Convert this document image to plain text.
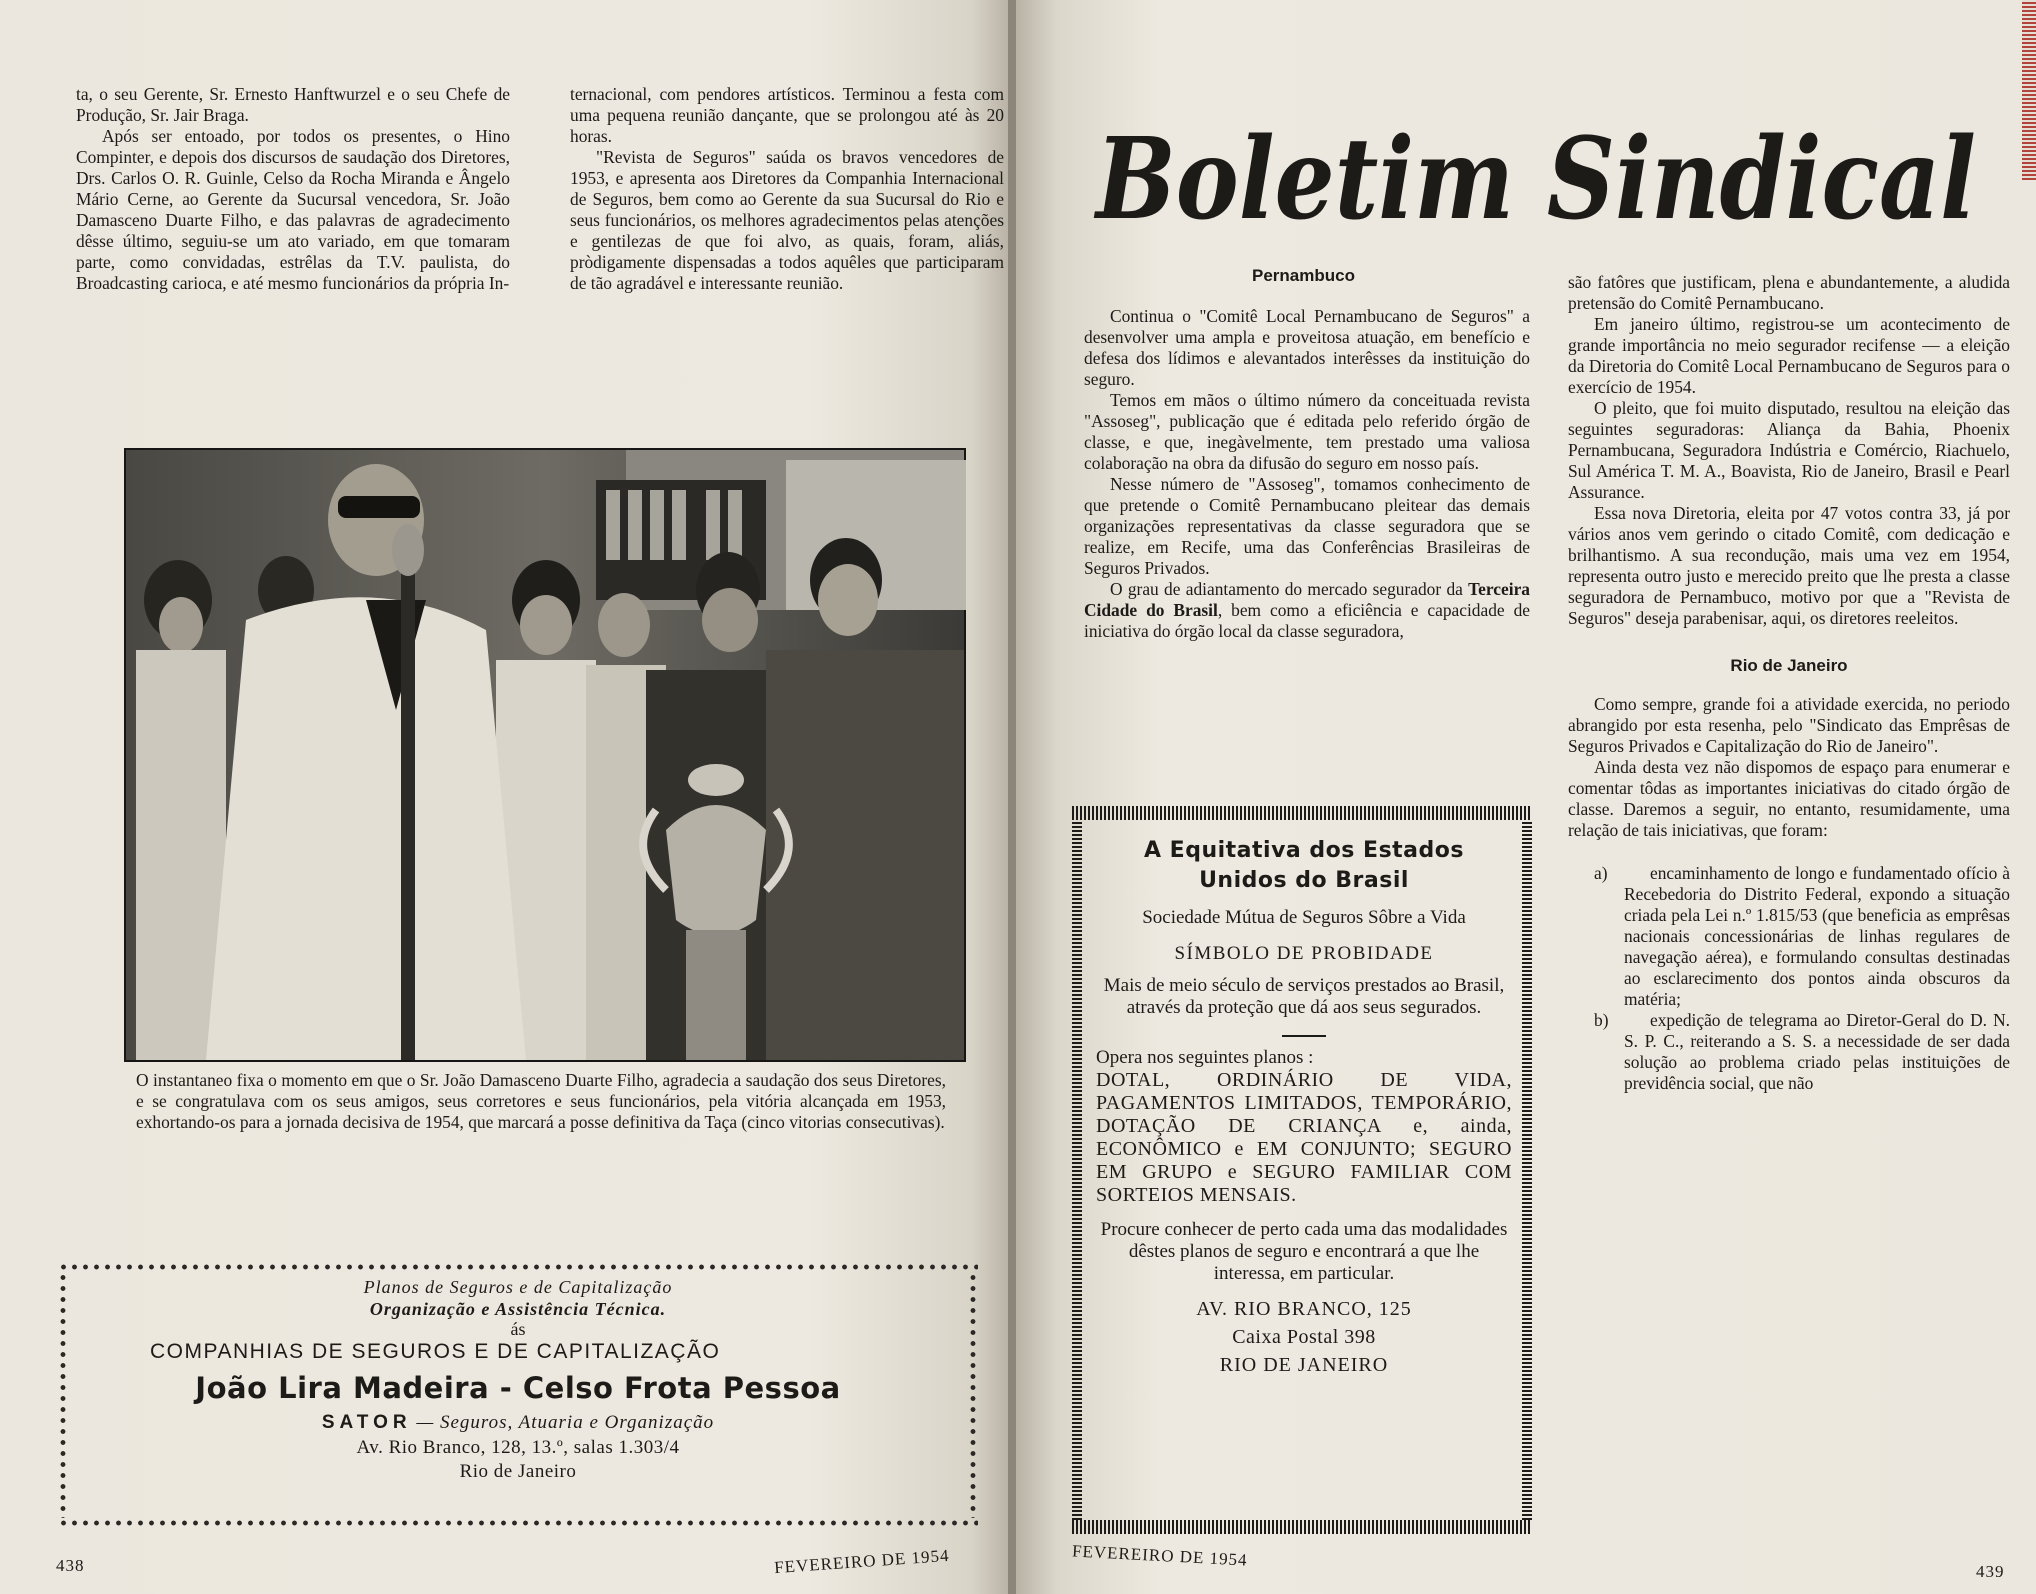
ta, o seu Gerente, Sr. Ernesto Hanftwurzel e o seu Chefe de Produção, Sr. Jair Braga.

Após ser entoado, por todos os presentes, o Hino Compinter, e depois dos discursos de saudação dos Diretores, Drs. Carlos O. R. Guinle, Celso da Rocha Miranda e Ângelo Mário Cerne, ao Gerente da Sucursal vencedora, Sr. João Damasceno Duarte Filho, e das palavras de agradecimento dêsse último, seguiu-se um ato variado, em que tomaram parte, como convidadas, estrêlas da T.V. paulista, do Broadcasting carioca, e até mesmo funcionários da própria In-

ternacional, com pendores artísticos. Terminou a festa com uma pequena reunião dançante, que se prolongou até às 20 horas.

"Revista de Seguros" saúda os bravos vencedores de 1953, e apresenta aos Diretores da Companhia Internacional de Seguros, bem como ao Gerente da sua Sucursal do Rio e seus funcionários, os melhores agradecimentos pelas atenções e gentilezas de que foi alvo, as quais, foram, aliás, pròdigamente dispensadas a todos aquêles que participaram de tão agradável e interessante reunião.

O instantaneo fixa o momento em que o Sr. João Damasceno Duarte Filho, agradecia a saudação dos seus Diretores, e se congratulava com os seus amigos, seus corretores e seus funcionários, pela vitória alcançada em 1953, exhortando-os para a jornada decisiva de 1954, que marcará a posse definitiva da Taça (cinco vitorias consecutivas).
Planos de Seguros e de Capitalização
Organização e Assistência Técnica.
ás
COMPANHIAS DE SEGUROS E DE CAPITALIZAÇÃO
João Lira Madeira - Celso Frota Pessoa
SATOR — Seguros, Atuaria e Organização
Av. Rio Branco, 128, 13.º, salas 1.303/4
Rio de Janeiro
438	FEVEREIRO DE 1954
Boletim Sindical
Pernambuco

Continua o "Comitê Local Pernambucano de Seguros" a desenvolver uma ampla e proveitosa atuação, em benefício e defesa dos lídimos e alevantados interêsses da instituição do seguro.

Temos em mãos o último número da conceituada revista "Assoseg", publicação que é editada pelo referido órgão de classe, e que, inegàvelmente, tem prestado uma valiosa colaboração na obra da difusão do seguro em nosso país.

Nesse número de "Assoseg", tomamos conhecimento de que pretende o Comitê Pernambucano pleitear das demais organizações representativas da classe seguradora que se realize, em Recife, uma das Conferências Brasileiras de Seguros Privados.

O grau de adiantamento do mercado segurador da Terceira Cidade do Brasil, bem como a eficiência e capacidade de iniciativa do órgão local da classe seguradora,

são fatôres que justificam, plena e abundantemente, a aludida pretensão do Comitê Pernambucano.

Em janeiro último, registrou-se um acontecimento de grande importância no meio segurador recifense — a eleição da Diretoria do Comitê Local Pernambucano de Seguros para o exercício de 1954.

O pleito, que foi muito disputado, resultou na eleição das seguintes seguradoras: Aliança da Bahia, Phoenix Pernambucana, Seguradora Indústria e Comércio, Riachuelo, Sul América T. M. A., Boavista, Rio de Janeiro, Brasil e Pearl Assurance.

Essa nova Diretoria, eleita por 47 votos contra 33, já por vários anos vem gerindo o citado Comitê, com dedicação e brilhantismo. A sua recondução, mais uma vez em 1954, representa outro justo e merecido preito que lhe presta a classe seguradora de Pernambuco, motivo por que a "Revista de Seguros" deseja parabenisar, aqui, os diretores reeleitos.

Rio de Janeiro

Como sempre, grande foi a atividade exercida, no periodo abrangido por esta resenha, pelo "Sindicato das Emprêsas de Seguros Privados e Capitalização do Rio de Janeiro".

Ainda desta vez não dispomos de espaço para enumerar e comentar tôdas as importantes iniciativas do citado órgão de classe. Daremos a seguir, no entanto, resumidamente, uma relação de tais iniciativas, que foram:

a) encaminhamento de longo e fundamentado ofício à Recebedoria do Distrito Federal, expondo a situação criada pela Lei n.º 1.815/53 (que beneficia as emprêsas nacionais concessionárias de linhas regulares de navegação aérea), e formulando consultas destinadas ao esclarecimento dos pontos ainda obscuros da matéria;

b) expedição de telegrama ao Diretor-Geral do D. N. S. P. C., reiterando a S. S. a necessidade de ser dada solução ao problema criado pelas instituições de previdência social, que não

A Equitativa dos Estados Unidos do Brasil
Sociedade Mútua de Seguros Sôbre a Vida
SÍMBOLO DE PROBIDADE
Mais de meio século de serviços prestados ao Brasil, através da proteção que dá aos seus segurados.
Opera nos seguintes planos :
DOTAL, ORDINÁRIO DE VIDA, PAGAMENTOS LIMITADOS, TEMPORÁRIO, DOTAÇÃO DE CRIANÇA e, ainda, ECONÔMICO e EM CONJUNTO; SEGURO EM GRUPO e SEGURO FAMILIAR COM SORTEIOS MENSAIS.
Procure conhecer de perto cada uma das modalidades dêstes planos de seguro e encontrará a que lhe interessa, em particular.
AV. RIO BRANCO, 125
Caixa Postal 398
RIO DE JANEIRO
FEVEREIRO DE 1954
439
